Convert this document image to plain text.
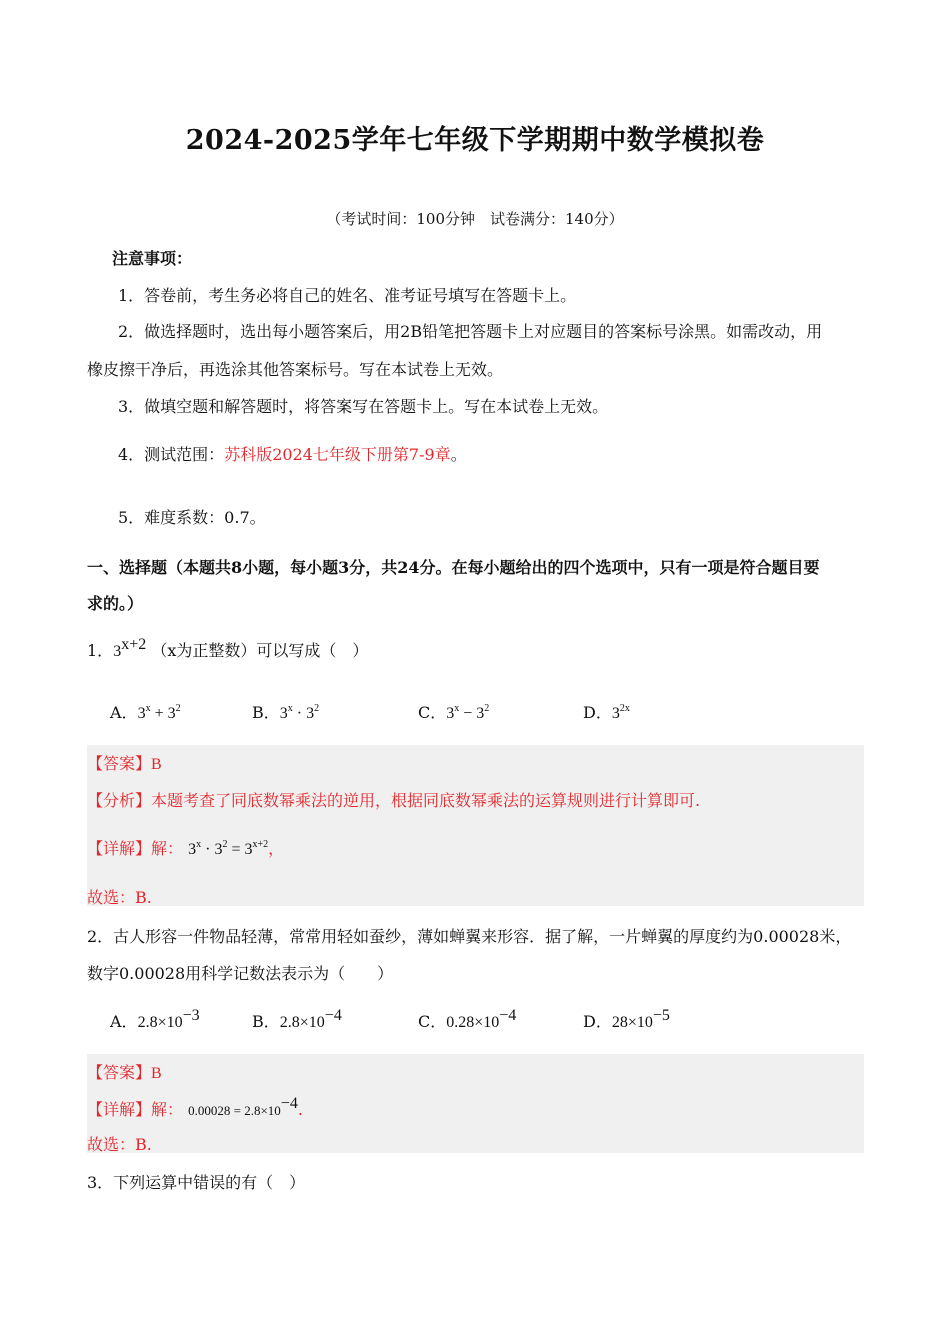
2024-2025学年七年级下学期期中数学模拟卷
（考试时间：100分钟　试卷满分：140分）
注意事项：
1．答卷前，考生务必将自己的姓名、准考证号填写在答题卡上。
2．做选择题时，选出每小题答案后，用2B铅笔把答题卡上对应题目的答案标号涂黑。如需改动，用
橡皮擦干净后，再选涂其他答案标号。写在本试卷上无效。
3．做填空题和解答题时，将答案写在答题卡上。写在本试卷上无效。
4．测试范围：苏科版2024七年级下册第7-9章。
5．难度系数：0.7。
一、选择题（本题共8小题，每小题3分，共24分。在每小题给出的四个选项中，只有一项是符合题目要
求的。）
1．$3^{x+2}$ （x为正整数）可以写成（　）
A．$3^x + 3^2$	B．$3^x \cdot 3^2$	C．$3^x - 3^2$	D．$3^{2x}$
【答案】B
【分析】本题考查了同底数幂乘法的逆用，根据同底数幂乘法的运算规则进行计算即可.
【详解】解： $3^x \cdot 3^2 = 3^{x+2}$，
故选：B.
2．古人形容一件物品轻薄，常常用轻如蚕纱，薄如蝉翼来形容．据了解，一片蝉翼的厚度约为0.00028米，
数字0.00028用科学记数法表示为（　　）
A．$2.8\times 10^{-3}$	B．$2.8\times 10^{-4}$	C．$0.28\times 10^{-4}$	D．$28\times 10^{-5}$
【答案】B
【详解】解： $0.00028 = 2.8\times 10^{-4}$.
故选：B.
3．下列运算中错误的有（　）
